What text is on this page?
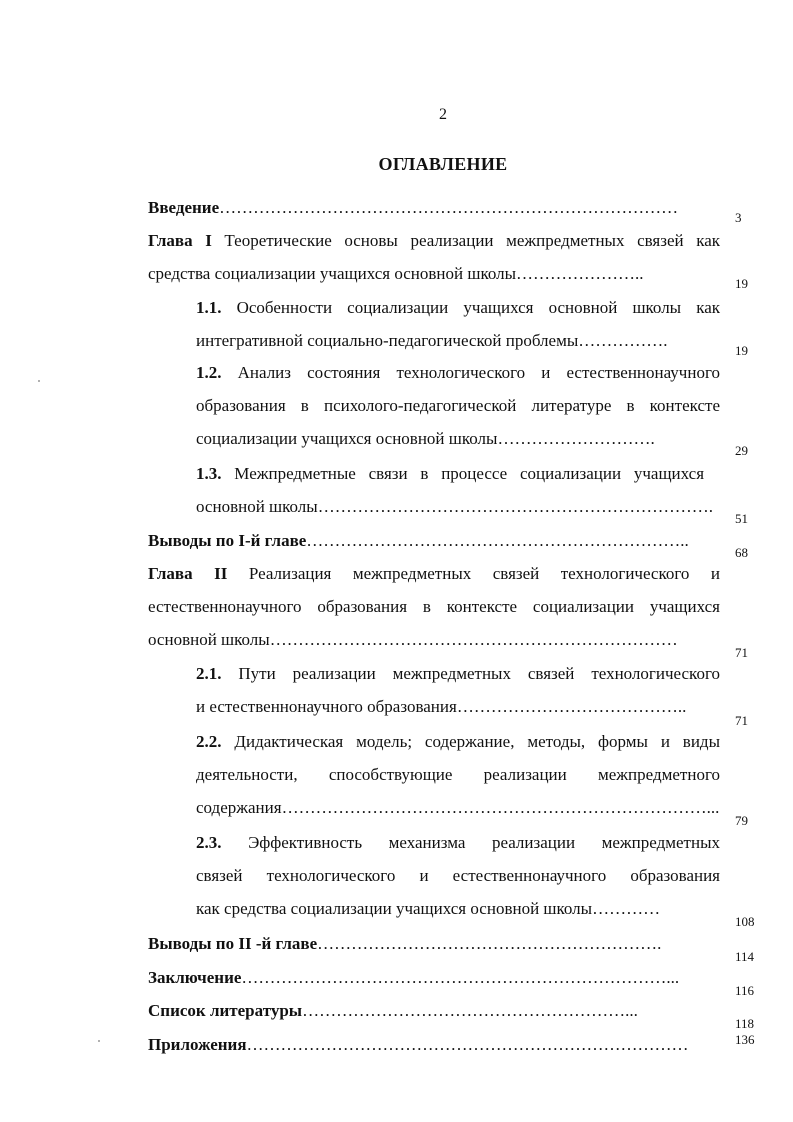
2
ОГЛАВЛЕНИЕ
Введение………………………………………………………………………
3
Глава I Теоретические основы реализации межпредметных связей как
средства социализации учащихся основной школы…………………..
19
1.1. Особенности социализации учащихся основной школы как
интегративной социально-педагогической проблемы…………….
19
1.2. Анализ состояния технологического и естественнонаучного
образования в психолого-педагогической литературе в контексте
социализации учащихся основной школы……………………….
29
1.3. Межпредметные связи в процессе социализации учащихся
основной школы…………………………………………………………….
51
Выводы по I-й главе…………………………………………………………..
68
Глава II Реализация межпредметных связей технологического и
естественнонаучного образования в контексте социализации учащихся
основной школы………………………………………………………………
71
2.1. Пути реализации межпредметных связей технологического
и естественнонаучного образования…………………………………..
71
2.2. Дидактическая модель; содержание, методы, формы и виды
деятельности, способствующие реализации межпредметного
содержания…………………………………………………………………...
79
2.3. Эффективность механизма реализации межпредметных
связей технологического и естественнонаучного образования
как средства социализации учащихся основной школы…………
108
Выводы по II -й главе…………………………………………………….
114
Заключение…………………………………………………………………...
116
Список литературы…………………………………………………...
118
Приложения……………………………………………………………………	136
